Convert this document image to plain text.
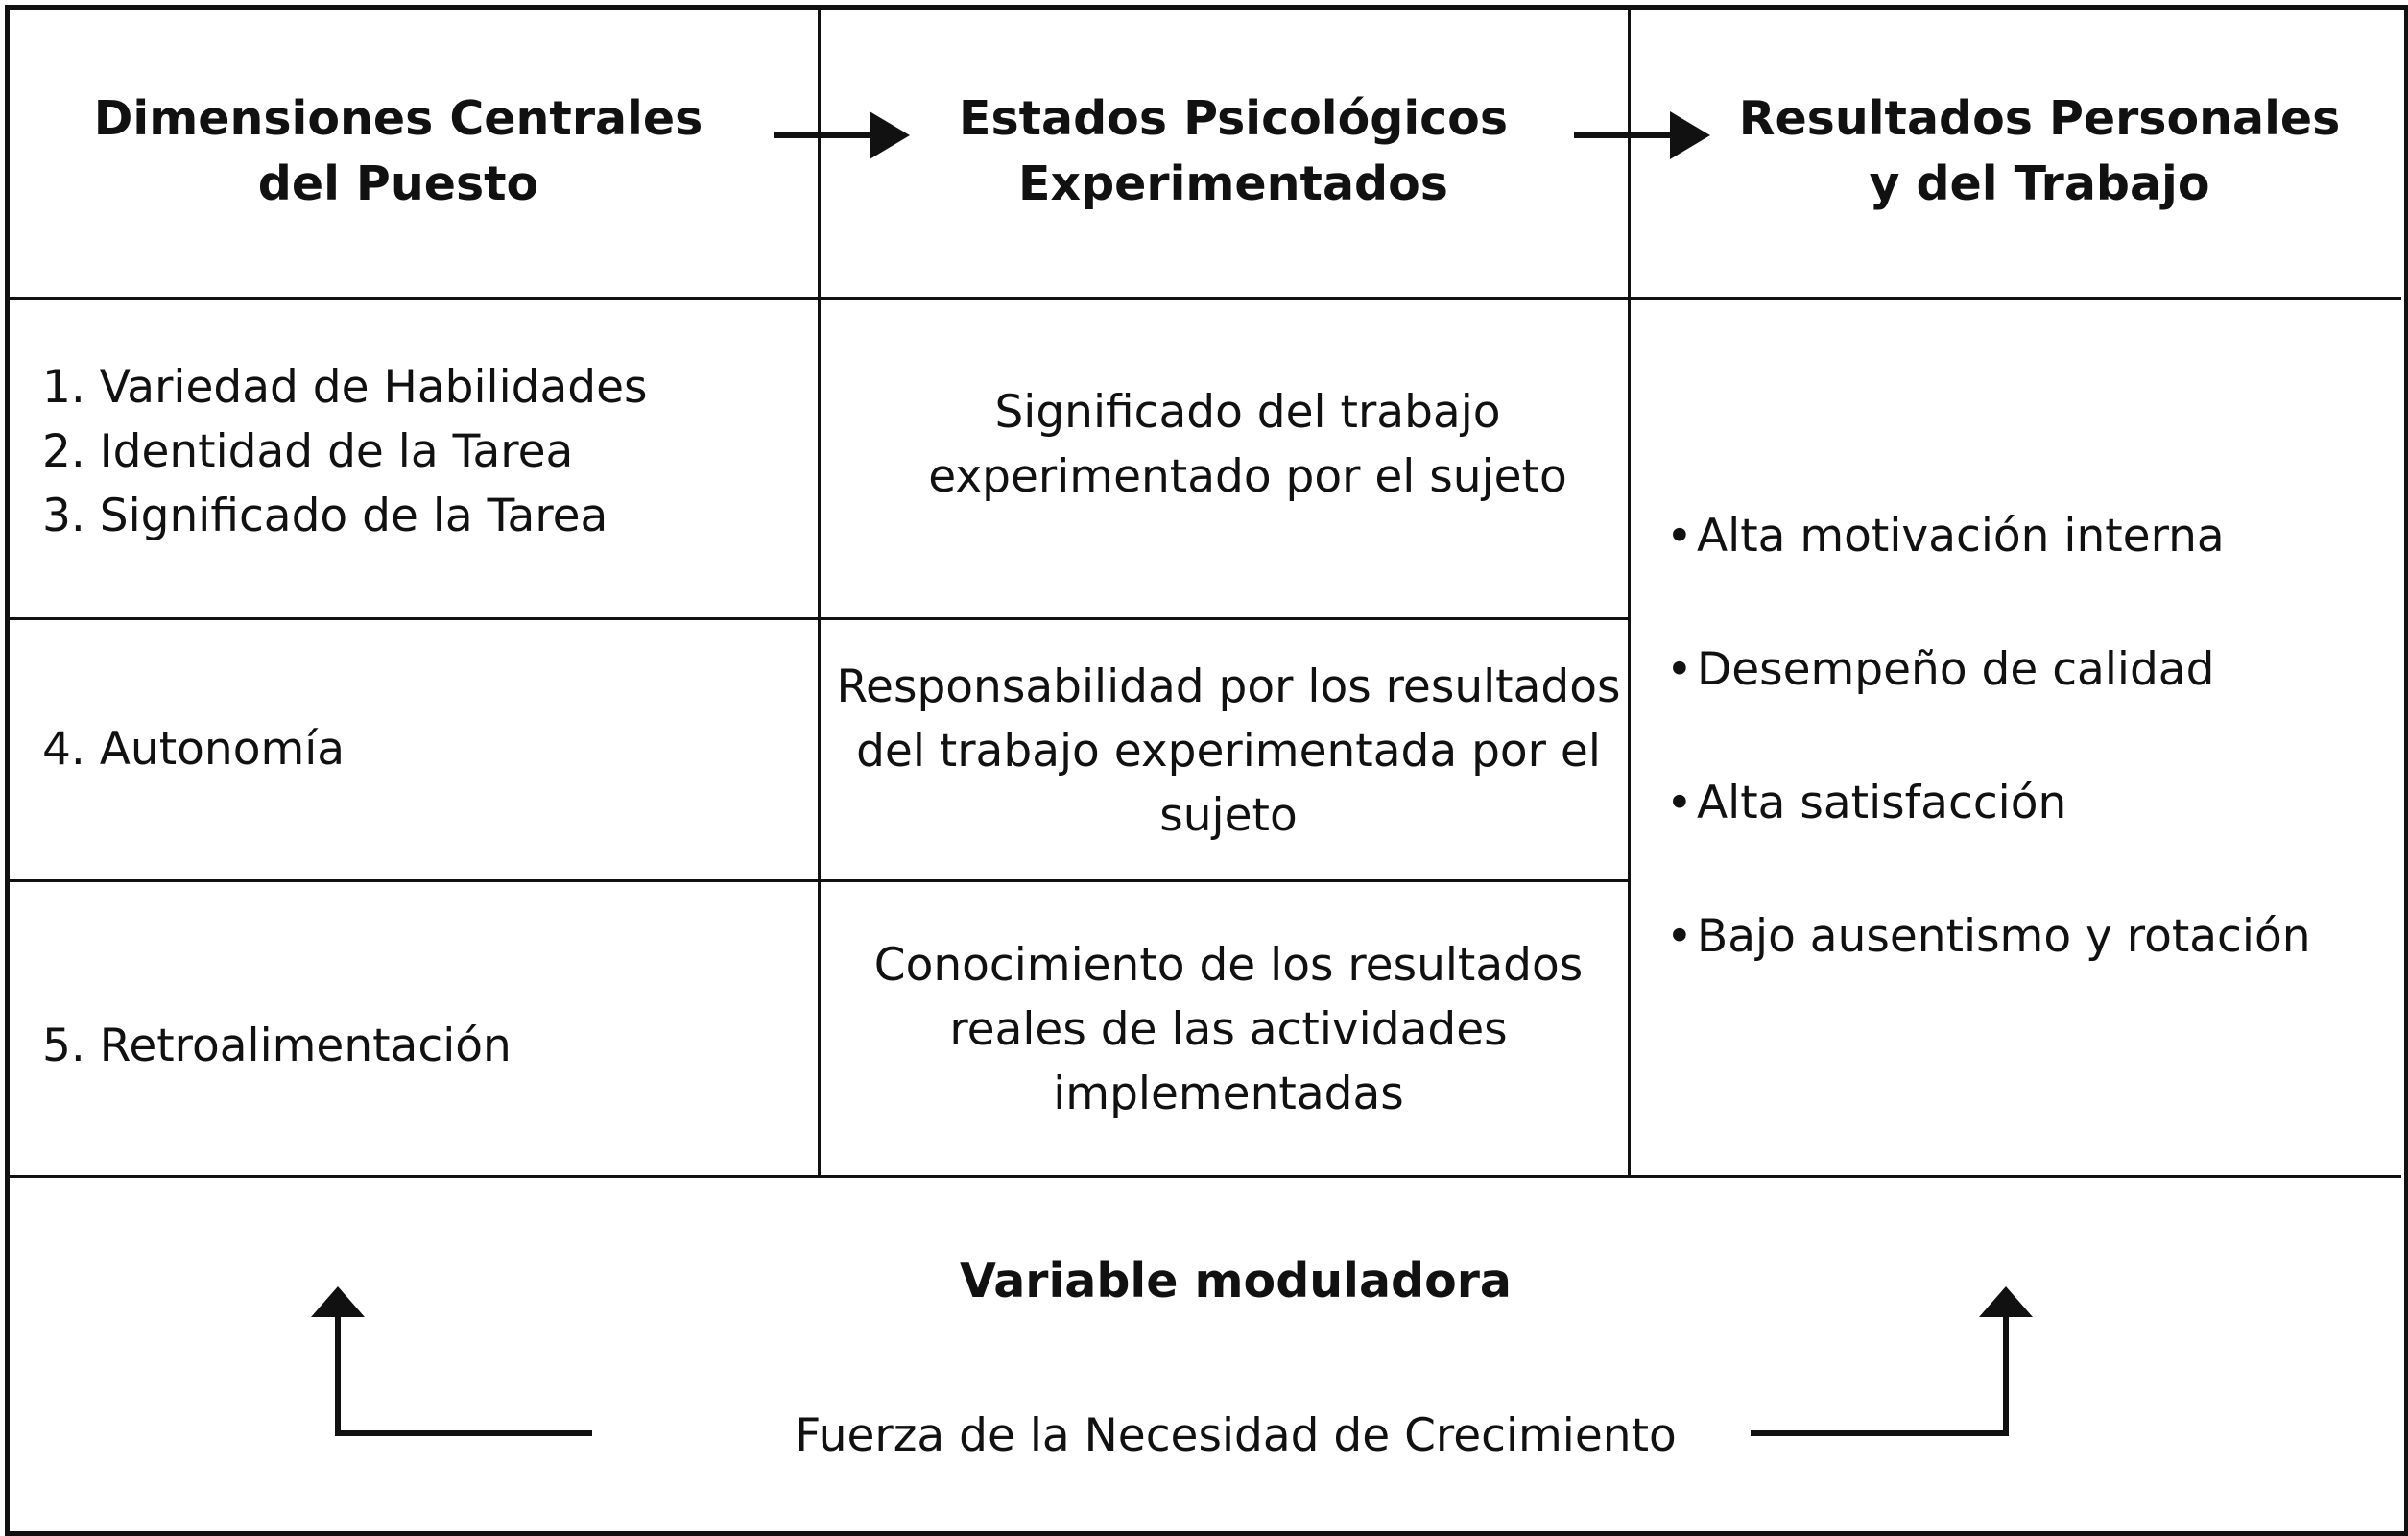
Dimensiones Centrales del Puesto
Estados Psicológicos Experimentados
Resultados Personales y del Trabajo
1. Variedad de Habilidades
2. Identidad de la Tarea
3. Significado de la Tarea
4. Autonomía
5. Retroalimentación
Significado del trabajo experimentado por el sujeto
Responsabilidad por los resultados del trabajo experimentada por el sujeto
Conocimiento de los resultados reales de las actividades implementadas
•Alta motivación interna
•Desempeño de calidad
•Alta satisfacción
•Bajo ausentismo y rotación
Variable moduladora
Fuerza de la Necesidad de Crecimiento
